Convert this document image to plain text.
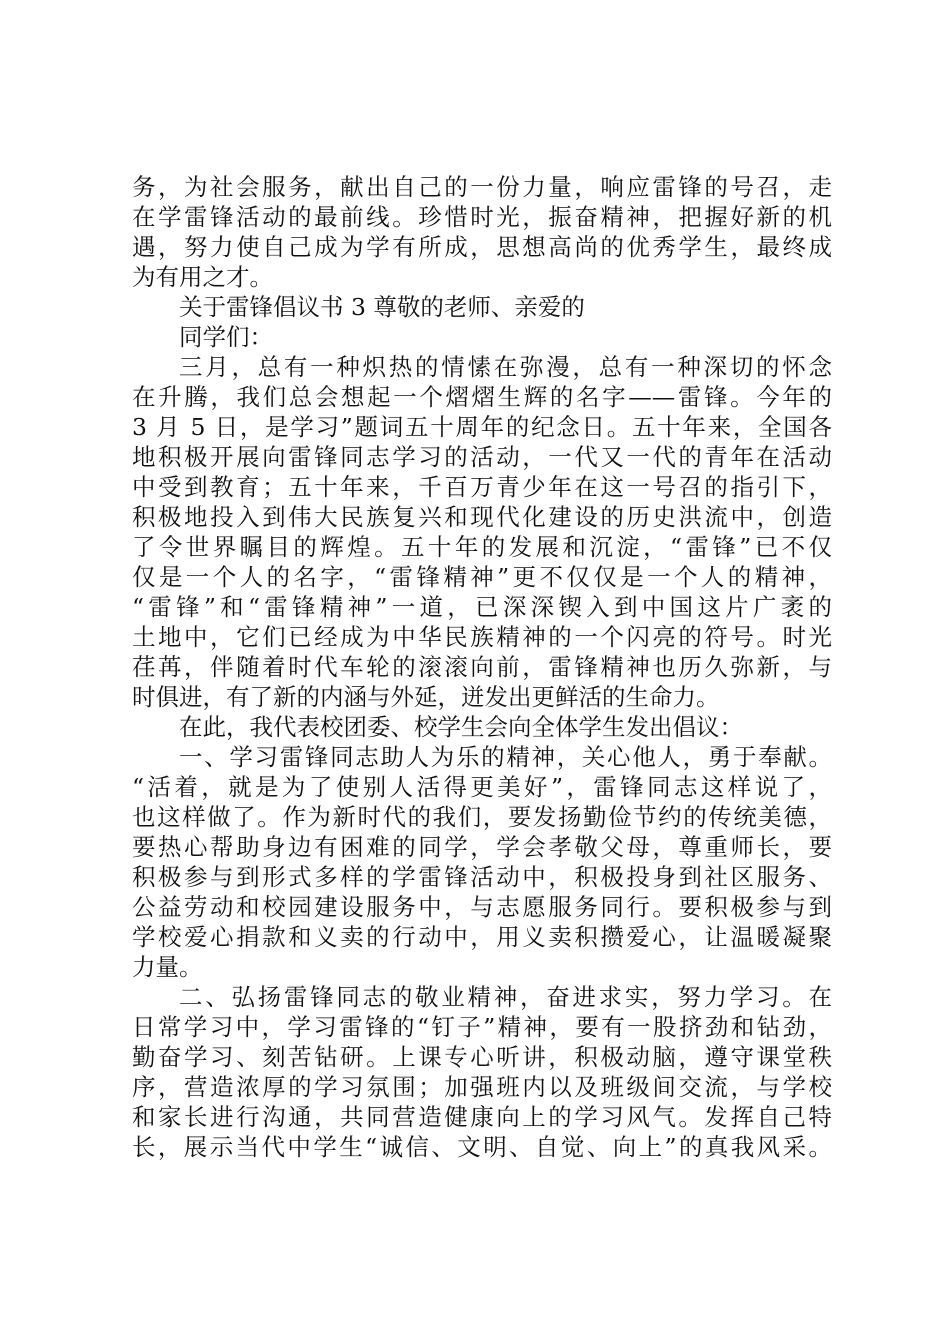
务，为社会服务，献出自己的一份力量，响应雷锋的号召，走
在学雷锋活动的最前线。珍惜时光，振奋精神，把握好新的机
遇，努力使自己成为学有所成，思想高尚的优秀学生，最终成
为有用之才。
关于雷锋倡议书 3 尊敬的老师、亲爱的
同学们：
三月，总有一种炽热的情愫在弥漫，总有一种深切的怀念
在升腾，我们总会想起一个熠熠生辉的名字——雷锋。今年的
3 月 5 日，是学习”题词五十周年的纪念日。五十年来，全国各
地积极开展向雷锋同志学习的活动，一代又一代的青年在活动
中受到教育；五十年来，千百万青少年在这一号召的指引下，
积极地投入到伟大民族复兴和现代化建设的历史洪流中，创造
了令世界瞩目的辉煌。五十年的发展和沉淀，“雷锋”已不仅
仅是一个人的名字，“雷锋精神”更不仅仅是一个人的精神，
“雷锋”和“雷锋精神”一道，已深深锲入到中国这片广袤的
土地中，它们已经成为中华民族精神的一个闪亮的符号。时光
荏苒，伴随着时代车轮的滚滚向前，雷锋精神也历久弥新，与
时俱进，有了新的内涵与外延，迸发出更鲜活的生命力。
在此，我代表校团委、校学生会向全体学生发出倡议：
一、学习雷锋同志助人为乐的精神，关心他人，勇于奉献。
“活着，就是为了使别人活得更美好”，雷锋同志这样说了，
也这样做了。作为新时代的我们，要发扬勤俭节约的传统美德，
要热心帮助身边有困难的同学，学会孝敬父母，尊重师长，要
积极参与到形式多样的学雷锋活动中，积极投身到社区服务、
公益劳动和校园建设服务中，与志愿服务同行。要积极参与到
学校爱心捐款和义卖的行动中，用义卖积攒爱心，让温暖凝聚
力量。
二、弘扬雷锋同志的敬业精神，奋进求实，努力学习。在
日常学习中，学习雷锋的“钉子”精神，要有一股挤劲和钻劲，
勤奋学习、刻苦钻研。上课专心听讲，积极动脑，遵守课堂秩
序，营造浓厚的学习氛围；加强班内以及班级间交流，与学校
和家长进行沟通，共同营造健康向上的学习风气。发挥自己特
长，展示当代中学生“诚信、文明、自觉、向上”的真我风采。
